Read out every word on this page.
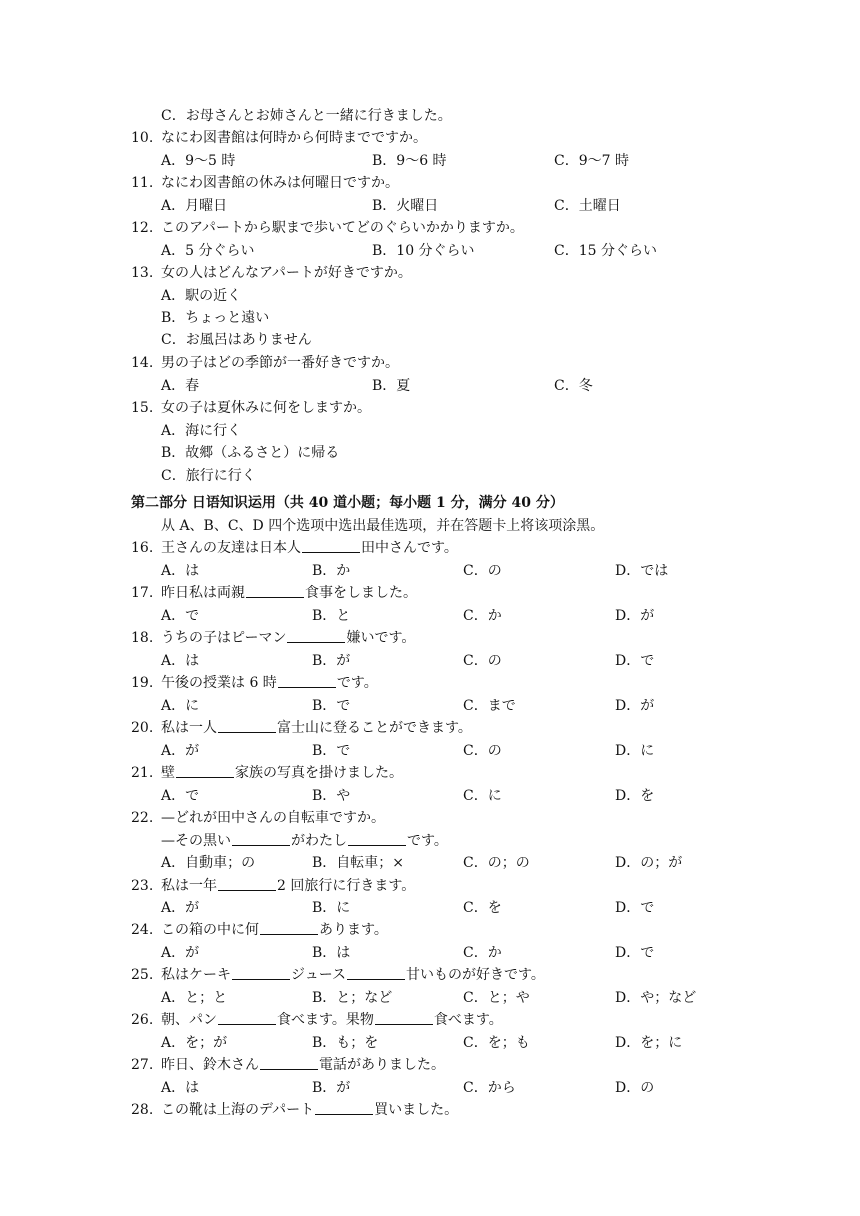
C．お母さんとお姉さんと一緒に行きました。
10. なにわ図書館は何時から何時までですか。
A．9～5 時	B．9～6 時	C．9～7 時
11. なにわ図書館の休みは何曜日ですか。
A．月曜日	B．火曜日	C．土曜日
12. このアパートから駅まで歩いてどのぐらいかかりますか。
A．5 分ぐらい	B．10 分ぐらい	C．15 分ぐらい
13. 女の人はどんなアパートが好きですか。
A．駅の近く
B．ちょっと遠い
C．お風呂はありません
14. 男の子はどの季節が一番好きですか。
A．春	B．夏	C．冬
15. 女の子は夏休みに何をしますか。
A．海に行く
B．故郷（ふるさと）に帰る
C．旅行に行く
第二部分 日语知识运用（共 40 道小题；每小题 1 分，满分 40 分）
从 A、B、C、D 四个选项中选出最佳选项，并在答题卡上将该项涂黑。
16. 王さんの友達は日本人	田中さんです。
A．は	B．か	C．の	D．では
17. 昨日私は両親	食事をしました。
A．で	B．と	C．か	D．が
18. うちの子はピーマン	嫌いです。
A．は	B．が	C．の	D．で
19. 午後の授業は 6 時	です。
A．に	B．で	C．まで	D．が
20. 私は一人	富士山に登ることができます。
A．が	B．で	C．の	D．に
21. 壁	家族の写真を掛けました。
A．で	B．や	C．に	D．を
22. —どれが田中さんの自転車ですか。
—その黒い	がわたし	です。
A．自動車；の	B．自転車；×	C．の；の	D．の；が
23. 私は一年	2 回旅行に行きます。
A．が	B．に	C．を	D．で
24. この箱の中に何	あります。
A．が	B．は	C．か	D．で
25. 私はケーキ	ジュース	甘いものが好きです。
A．と；と	B．と；など	C．と；や	D．や；など
26. 朝、パン	食べます。果物	食べます。
A．を；が	B．も；を	C．を；も	D．を；に
27. 昨日、鈴木さん	電話がありました。
A．は	B．が	C．から	D．の
28. この靴は上海のデパート	買いました。
